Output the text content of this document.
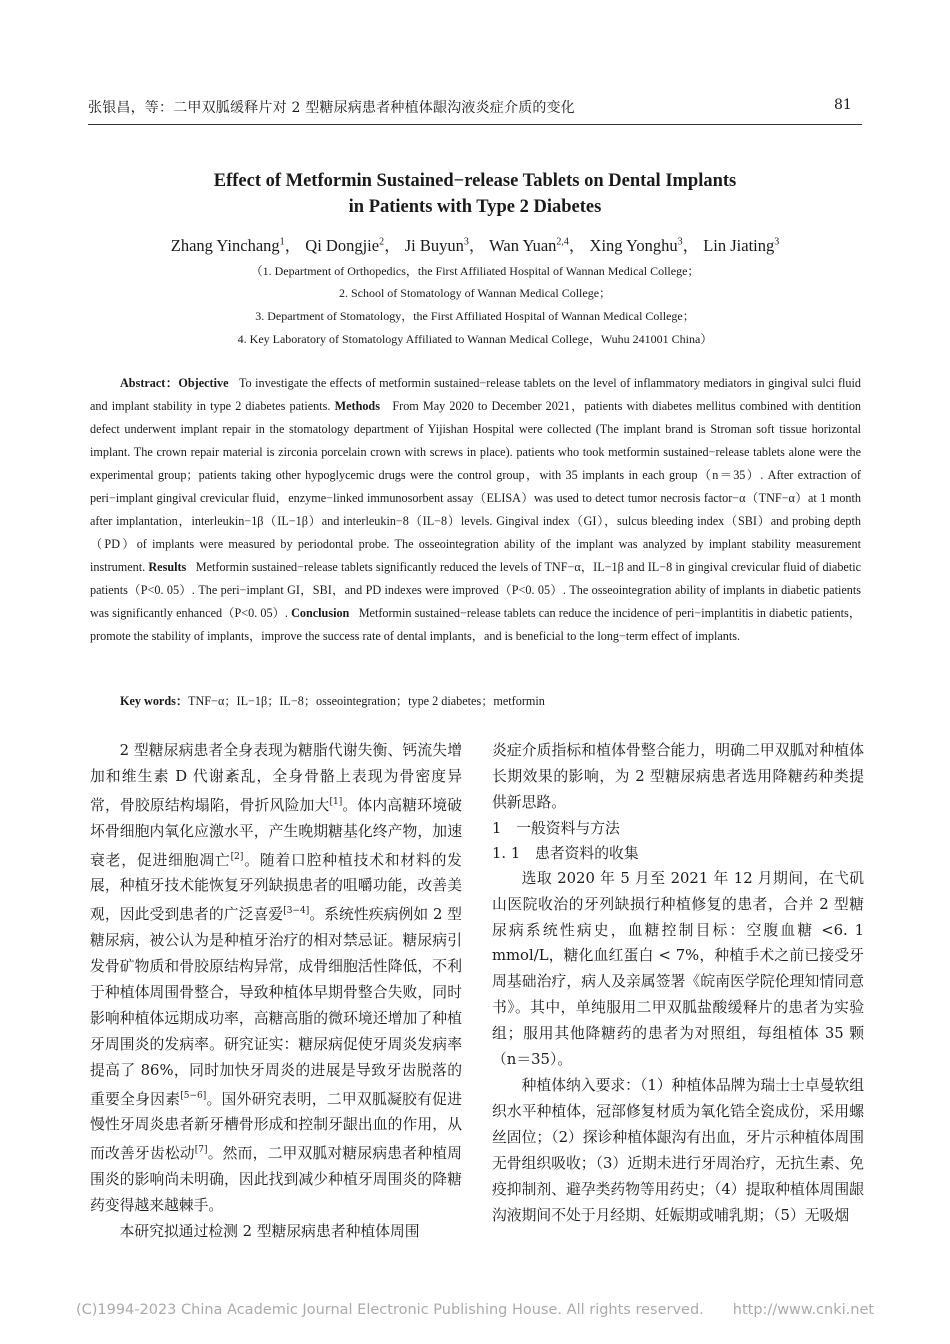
张银昌，等：二甲双胍缓释片对 2 型糖尿病患者种植体龈沟液炎症介质的变化	81
Effect of Metformin Sustained−release Tablets on Dental Implants
in Patients with Type 2 Diabetes
Zhang Yinchang$^1$， Qi Dongjie$^2$， Ji Buyun$^3$， Wan Yuan$^{2,4}$， Xing Yonghu$^3$， Lin Jiating$^3$
（1. Department of Orthopedics，the First Affiliated Hospital of Wannan Medical College；
2. School of Stomatology of Wannan Medical College；
3. Department of Stomatology，the First Affiliated Hospital of Wannan Medical College；
4. Key Laboratory of Stomatology Affiliated to Wannan Medical College，Wuhu 241001 China）
Abstract：Objective To investigate the effects of metformin sustained−release tablets on the level of inflammatory mediators in gingival sulci fluid and implant stability in type 2 diabetes patients. Methods From May 2020 to December 2021，patients with diabetes mellitus combined with dentition defect underwent implant repair in the stomatology department of Yijishan Hospital were collected (The implant brand is Stroman soft tissue horizontal implant. The crown repair material is zirconia porcelain crown with screws in place). patients who took metformin sustained−release tablets alone were the experimental group；patients taking other hypoglycemic drugs were the control group，with 35 implants in each group（n＝35）. After extraction of peri−implant gingival crevicular fluid，enzyme−linked immunosorbent assay（ELISA）was used to detect tumor necrosis factor−α（TNF−α）at 1 month after implantation，interleukin−1β（IL−1β）and interleukin−8（IL−8）levels. Gingival index（GI），sulcus bleeding index（SBI）and probing depth（PD）of implants were measured by periodontal probe. The osseointegration ability of the implant was analyzed by implant stability measurement instrument. Results Metformin sustained−release tablets significantly reduced the levels of TNF−α，IL−1β and IL−8 in gingival crevicular fluid of diabetic patients（P<0. 05）. The peri−implant GI，SBI，and PD indexes were improved（P<0. 05）. The osseointegration ability of implants in diabetic patients was significantly enhanced（P<0. 05）. Conclusion Metformin sustained−release tablets can reduce the incidence of peri−implantitis in diabetic patients，promote the stability of implants，improve the success rate of dental implants，and is beneficial to the long−term effect of implants.
Key words：TNF−α；IL−1β；IL−8；osseointegration；type 2 diabetes；metformin

2 型糖尿病患者全身表现为糖脂代谢失衡、钙流失增加和维生素 D 代谢紊乱，全身骨骼上表现为骨密度异常，骨胶原结构塌陷，骨折风险加大[1]。体内高糖环境破坏骨细胞内氧化应激水平，产生晚期糖基化终产物，加速衰老，促进细胞凋亡[2]。随着口腔种植技术和材料的发展，种植牙技术能恢复牙列缺损患者的咀嚼功能，改善美观，因此受到患者的广泛喜爱[3−4]。系统性疾病例如 2 型糖尿病，被公认为是种植牙治疗的相对禁忌证。糖尿病引发骨矿物质和骨胶原结构异常，成骨细胞活性降低，不利于种植体周围骨整合，导致种植体早期骨整合失败，同时影响种植体远期成功率，高糖高脂的微环境还增加了种植牙周围炎的发病率。研究证实：糖尿病促使牙周炎发病率提高了 86%，同时加快牙周炎的进展是导致牙齿脱落的重要全身因素[5−6]。国外研究表明，二甲双胍凝胶有促进慢性牙周炎患者新牙槽骨形成和控制牙龈出血的作用，从而改善牙齿松动[7]。然而，二甲双胍对糖尿病患者种植周围炎的影响尚未明确，因此找到减少种植牙周围炎的降糖药变得越来越棘手。

本研究拟通过检测 2 型糖尿病患者种植体周围

炎症介质指标和植体骨整合能力，明确二甲双胍对种植体长期效果的影响，为 2 型糖尿病患者选用降糖药种类提供新思路。

1　一般资料与方法

1. 1　患者资料的收集

选取 2020 年 5 月至 2021 年 12 月期间，在弋矶山医院收治的牙列缺损行种植修复的患者，合并 2 型糖尿病系统性病史，血糖控制目标：空腹血糖 <6. 1 mmol/L，糖化血红蛋白 < 7%，种植手术之前已接受牙周基础治疗，病人及亲属签署《皖南医学院伦理知情同意书》。其中，单纯服用二甲双胍盐酸缓释片的患者为实验组；服用其他降糖药的患者为对照组，每组植体 35 颗（n＝35）。

种植体纳入要求：（1）种植体品牌为瑞士士卓曼软组织水平种植体，冠部修复材质为氧化锆全瓷成份，采用螺丝固位；（2）探诊种植体龈沟有出血，牙片示种植体周围无骨组织吸收；（3）近期未进行牙周治疗，无抗生素、免疫抑制剂、避孕类药物等用药史；（4）提取种植体周围龈沟液期间不处于月经期、妊娠期或哺乳期；（5）无吸烟

(C)1994-2023 China Academic Journal Electronic Publishing House. All rights reserved.　　http://www.cnki.net
